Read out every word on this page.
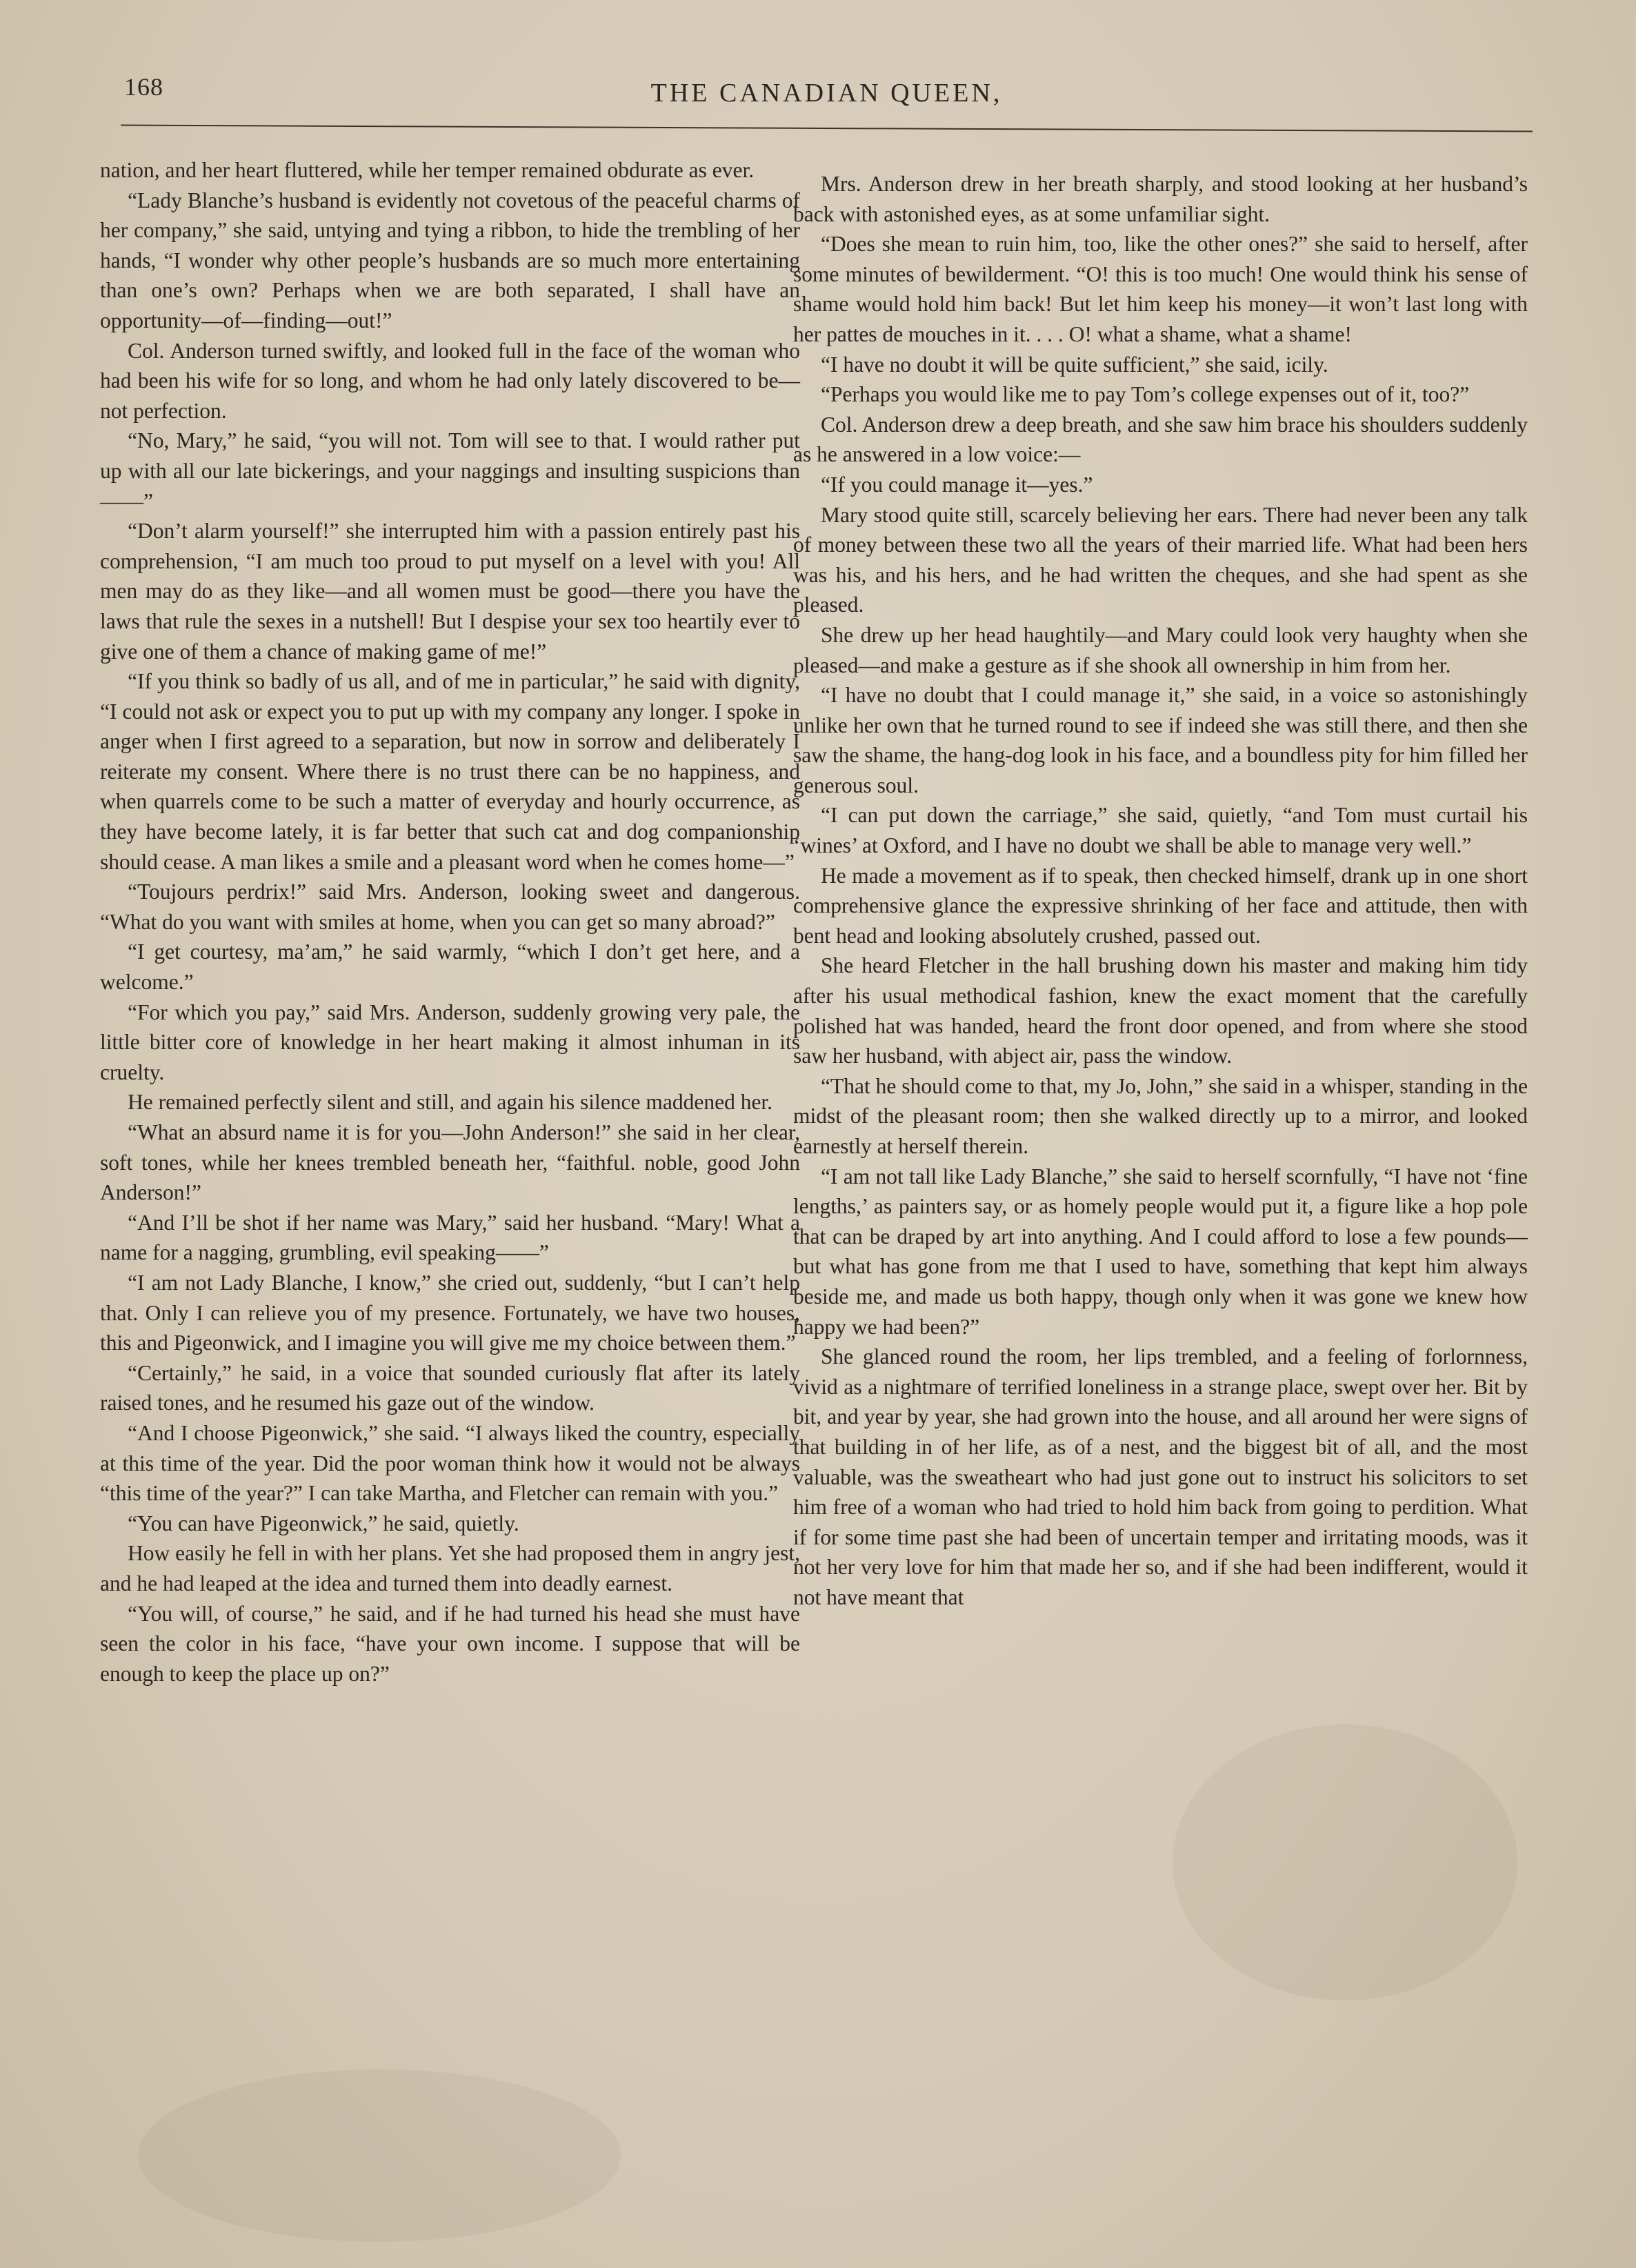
168	THE CANADIAN QUEEN,

nation, and her heart fluttered, while her temper remained obdurate as ever.

“Lady Blanche’s husband is evidently not covetous of the peaceful charms of her company,” she said, untying and tying a ribbon, to hide the trembling of her hands, “I wonder why other people’s husbands are so much more entertaining than one’s own? Perhaps when we are both separated, I shall have an opportunity—of—finding—out!”

Col. Anderson turned swiftly, and looked full in the face of the woman who had been his wife for so long, and whom he had only lately discovered to be—not perfection.

“No, Mary,” he said, “you will not. Tom will see to that. I would rather put up with all our late bickerings, and your naggings and insulting suspicions than——”

“Don’t alarm yourself!” she interrupted him with a passion entirely past his comprehension, “I am much too proud to put myself on a level with you! All men may do as they like—and all women must be good—there you have the laws that rule the sexes in a nutshell! But I despise your sex too heartily ever to give one of them a chance of making game of me!”

“If you think so badly of us all, and of me in particular,” he said with dignity, “I could not ask or expect you to put up with my company any longer. I spoke in anger when I first agreed to a separation, but now in sorrow and deliberately I reiterate my consent. Where there is no trust there can be no happiness, and when quarrels come to be such a matter of everyday and hourly occurrence, as they have become lately, it is far better that such cat and dog companionship should cease. A man likes a smile and a pleasant word when he comes home—”

“Toujours perdrix!” said Mrs. Anderson, looking sweet and dangerous. “What do you want with smiles at home, when you can get so many abroad?”

“I get courtesy, ma’am,” he said warmly, “which I don’t get here, and a welcome.”

“For which you pay,” said Mrs. Anderson, suddenly growing very pale, the little bitter core of knowledge in her heart making it almost inhuman in its cruelty.

He remained perfectly silent and still, and again his silence maddened her.

“What an absurd name it is for you—John Anderson!” she said in her clear, soft tones, while her knees trembled beneath her, “faithful. noble, good John Anderson!”

“And I’ll be shot if her name was Mary,” said her husband. “Mary! What a name for a nagging, grumbling, evil speaking——”

“I am not Lady Blanche, I know,” she cried out, suddenly, “but I can’t help that. Only I can relieve you of my presence. Fortunately, we have two houses, this and Pigeonwick, and I imagine you will give me my choice between them.”

“Certainly,” he said, in a voice that sounded curiously flat after its lately raised tones, and he resumed his gaze out of the window.

“And I choose Pigeonwick,” she said. “I always liked the country, especially at this time of the year. Did the poor woman think how it would not be always “this time of the year?” I can take Martha, and Fletcher can remain with you.”

“You can have Pigeonwick,” he said, quietly.

How easily he fell in with her plans. Yet she had proposed them in angry jest, and he had leaped at the idea and turned them into deadly earnest.

“You will, of course,” he said, and if he had turned his head she must have seen the color in his face, “have your own income. I suppose that will be enough to keep the place up on?”

Mrs. Anderson drew in her breath sharply, and stood looking at her husband’s back with astonished eyes, as at some unfamiliar sight.

“Does she mean to ruin him, too, like the other ones?” she said to herself, after some minutes of bewilderment. “O! this is too much! One would think his sense of shame would hold him back! But let him keep his money—it won’t last long with her pattes de mouches in it. . . . O! what a shame, what a shame!

“I have no doubt it will be quite sufficient,” she said, icily.

“Perhaps you would like me to pay Tom’s college expenses out of it, too?”

Col. Anderson drew a deep breath, and she saw him brace his shoulders suddenly as he answered in a low voice:—

“If you could manage it—yes.”

Mary stood quite still, scarcely believing her ears. There had never been any talk of money between these two all the years of their married life. What had been hers was his, and his hers, and he had written the cheques, and she had spent as she pleased.

She drew up her head haughtily—and Mary could look very haughty when she pleased—and make a gesture as if she shook all ownership in him from her.

“I have no doubt that I could manage it,” she said, in a voice so astonishingly unlike her own that he turned round to see if indeed she was still there, and then she saw the shame, the hang-dog look in his face, and a boundless pity for him filled her generous soul.

“I can put down the carriage,” she said, quietly, “and Tom must curtail his ‘wines’ at Oxford, and I have no doubt we shall be able to manage very well.”

He made a movement as if to speak, then checked himself, drank up in one short comprehensive glance the expressive shrinking of her face and attitude, then with bent head and looking absolutely crushed, passed out.

She heard Fletcher in the hall brushing down his master and making him tidy after his usual methodical fashion, knew the exact moment that the carefully polished hat was handed, heard the front door opened, and from where she stood saw her husband, with abject air, pass the window.

“That he should come to that, my Jo, John,” she said in a whisper, standing in the midst of the pleasant room; then she walked directly up to a mirror, and looked earnestly at herself therein.

“I am not tall like Lady Blanche,” she said to herself scornfully, “I have not ‘fine lengths,’ as painters say, or as homely people would put it, a figure like a hop pole that can be draped by art into anything. And I could afford to lose a few pounds—but what has gone from me that I used to have, something that kept him always beside me, and made us both happy, though only when it was gone we knew how happy we had been?”

She glanced round the room, her lips trembled, and a feeling of forlornness, vivid as a nightmare of terrified loneliness in a strange place, swept over her. Bit by bit, and year by year, she had grown into the house, and all around her were signs of that building in of her life, as of a nest, and the biggest bit of all, and the most valuable, was the sweatheart who had just gone out to instruct his solicitors to set him free of a woman who had tried to hold him back from going to perdition. What if for some time past she had been of uncertain temper and irritating moods, was it not her very love for him that made her so, and if she had been indifferent, would it not have meant that
